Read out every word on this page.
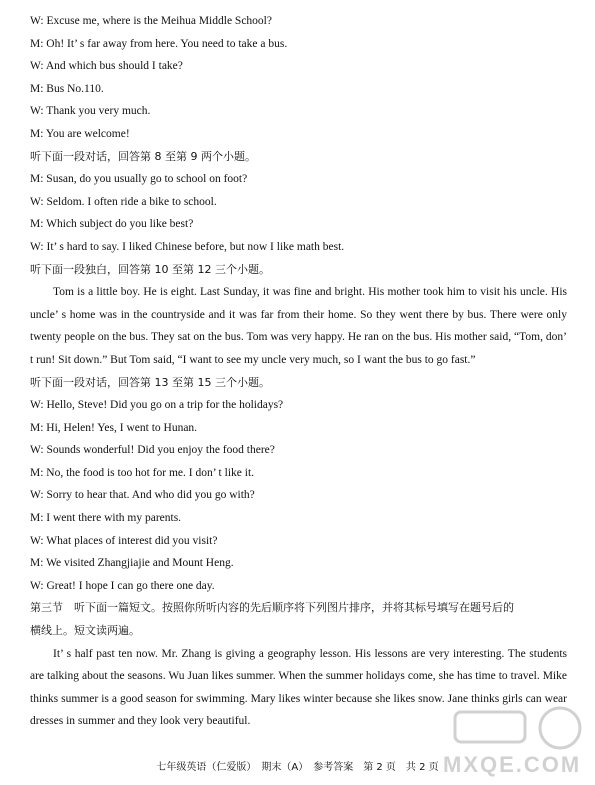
W: Excuse me, where is the Meihua Middle School?
M: Oh! It’ s far away from here. You need to take a bus.
W: And which bus should I take?
M: Bus No.110.
W: Thank you very much.
M: You are welcome!
听下面一段对话，回答第 8 至第 9 两个小题。
M: Susan, do you usually go to school on foot?
W: Seldom. I often ride a bike to school.
M: Which subject do you like best?
W: It’ s hard to say. I liked Chinese before, but now I like math best.
听下面一段独白，回答第 10 至第 12 三个小题。

Tom is a little boy. He is eight. Last Sunday, it was fine and bright. His mother took him to visit his uncle. His uncle’ s home was in the countryside and it was far from their home. So they went there by bus. There were only twenty people on the bus. They sat on the bus. Tom was very happy. He ran on the bus. His mother said, “Tom, don’ t run! Sit down.” But Tom said, “I want to see my uncle very much, so I want the bus to go fast.”

听下面一段对话，回答第 13 至第 15 三个小题。
W: Hello, Steve! Did you go on a trip for the holidays?
M: Hi, Helen! Yes, I went to Hunan.
W: Sounds wonderful! Did you enjoy the food there?
M: No, the food is too hot for me. I don’ t like it.
W: Sorry to hear that. And who did you go with?
M: I went there with my parents.
W: What places of interest did you visit?
M: We visited Zhangjiajie and Mount Heng.
W: Great! I hope I can go there one day.
第三节　听下面一篇短文。按照你所听内容的先后顺序将下列图片排序，并将其标号填写在题号后的
横线上。短文读两遍。

It’ s half past ten now. Mr. Zhang is giving a geography lesson. His lessons are very interesting. The students are talking about the seasons. Wu Juan likes summer. When the summer holidays come, she has time to travel. Mike thinks summer is a good season for swimming. Mary likes winter because she likes snow. Jane thinks girls can wear dresses in summer and they look very beautiful.

MXQE.COM
七年级英语（仁爱版）　期末（A）　参考答案　第 2 页　共 2 页
